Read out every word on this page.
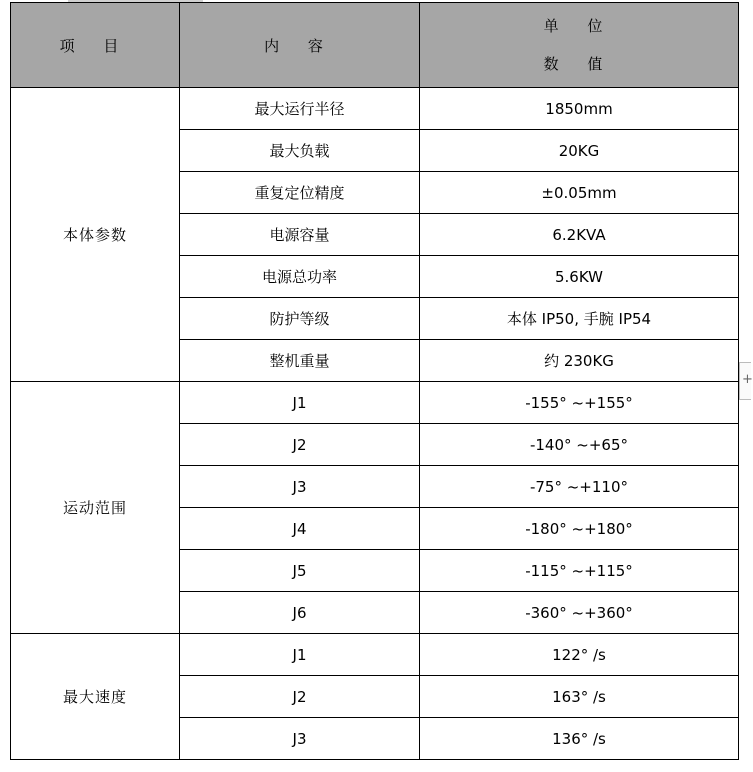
项 目	内 容	单 位
数 值

本体参数	最大运行半径	1850mm
	最大负载	20KG
	重复定位精度	±0.05mm
	电源容量	6.2KVA
	电源总功率	5.6KW
	防护等级	本体 IP50, 手腕 IP54
	整机重量	约 230KG
运动范围	J1	-155° ~+155°
	J2	-140° ~+65°
	J3	-75° ~+110°
	J4	-180° ~+180°
	J5	-115° ~+115°
	J6	-360° ~+360°
最大速度	J1	122° /s
	J2	163° /s
	J3	136° /s
+
